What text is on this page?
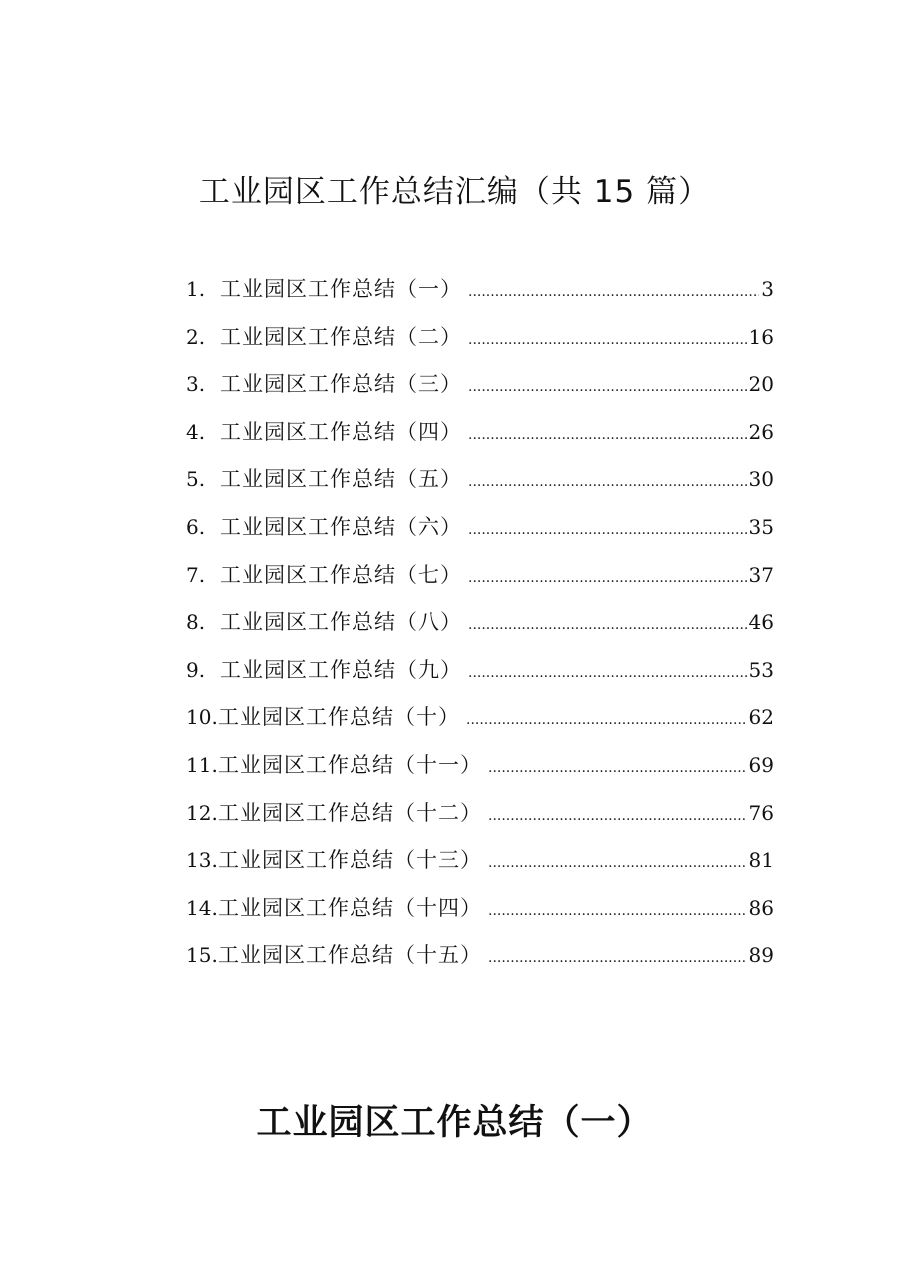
工业园区工作总结汇编（共 15 篇）
1. 工业园区工作总结（一） .....	3
2. 工业园区工作总结（二） .....	16
3. 工业园区工作总结（三） .....	20
4. 工业园区工作总结（四） .....	26
5. 工业园区工作总结（五） .....	30
6. 工业园区工作总结（六） .....	35
7. 工业园区工作总结（七） .....	37
8. 工业园区工作总结（八） .....	46
9. 工业园区工作总结（九） .....	53
10. 工业园区工作总结（十） .....	62
11. 工业园区工作总结（十一） .....	69
12. 工业园区工作总结（十二） .....	76
13. 工业园区工作总结（十三） .....	81
14. 工业园区工作总结（十四） .....	86
15. 工业园区工作总结（十五） .....	89
工业园区工作总结（一）
